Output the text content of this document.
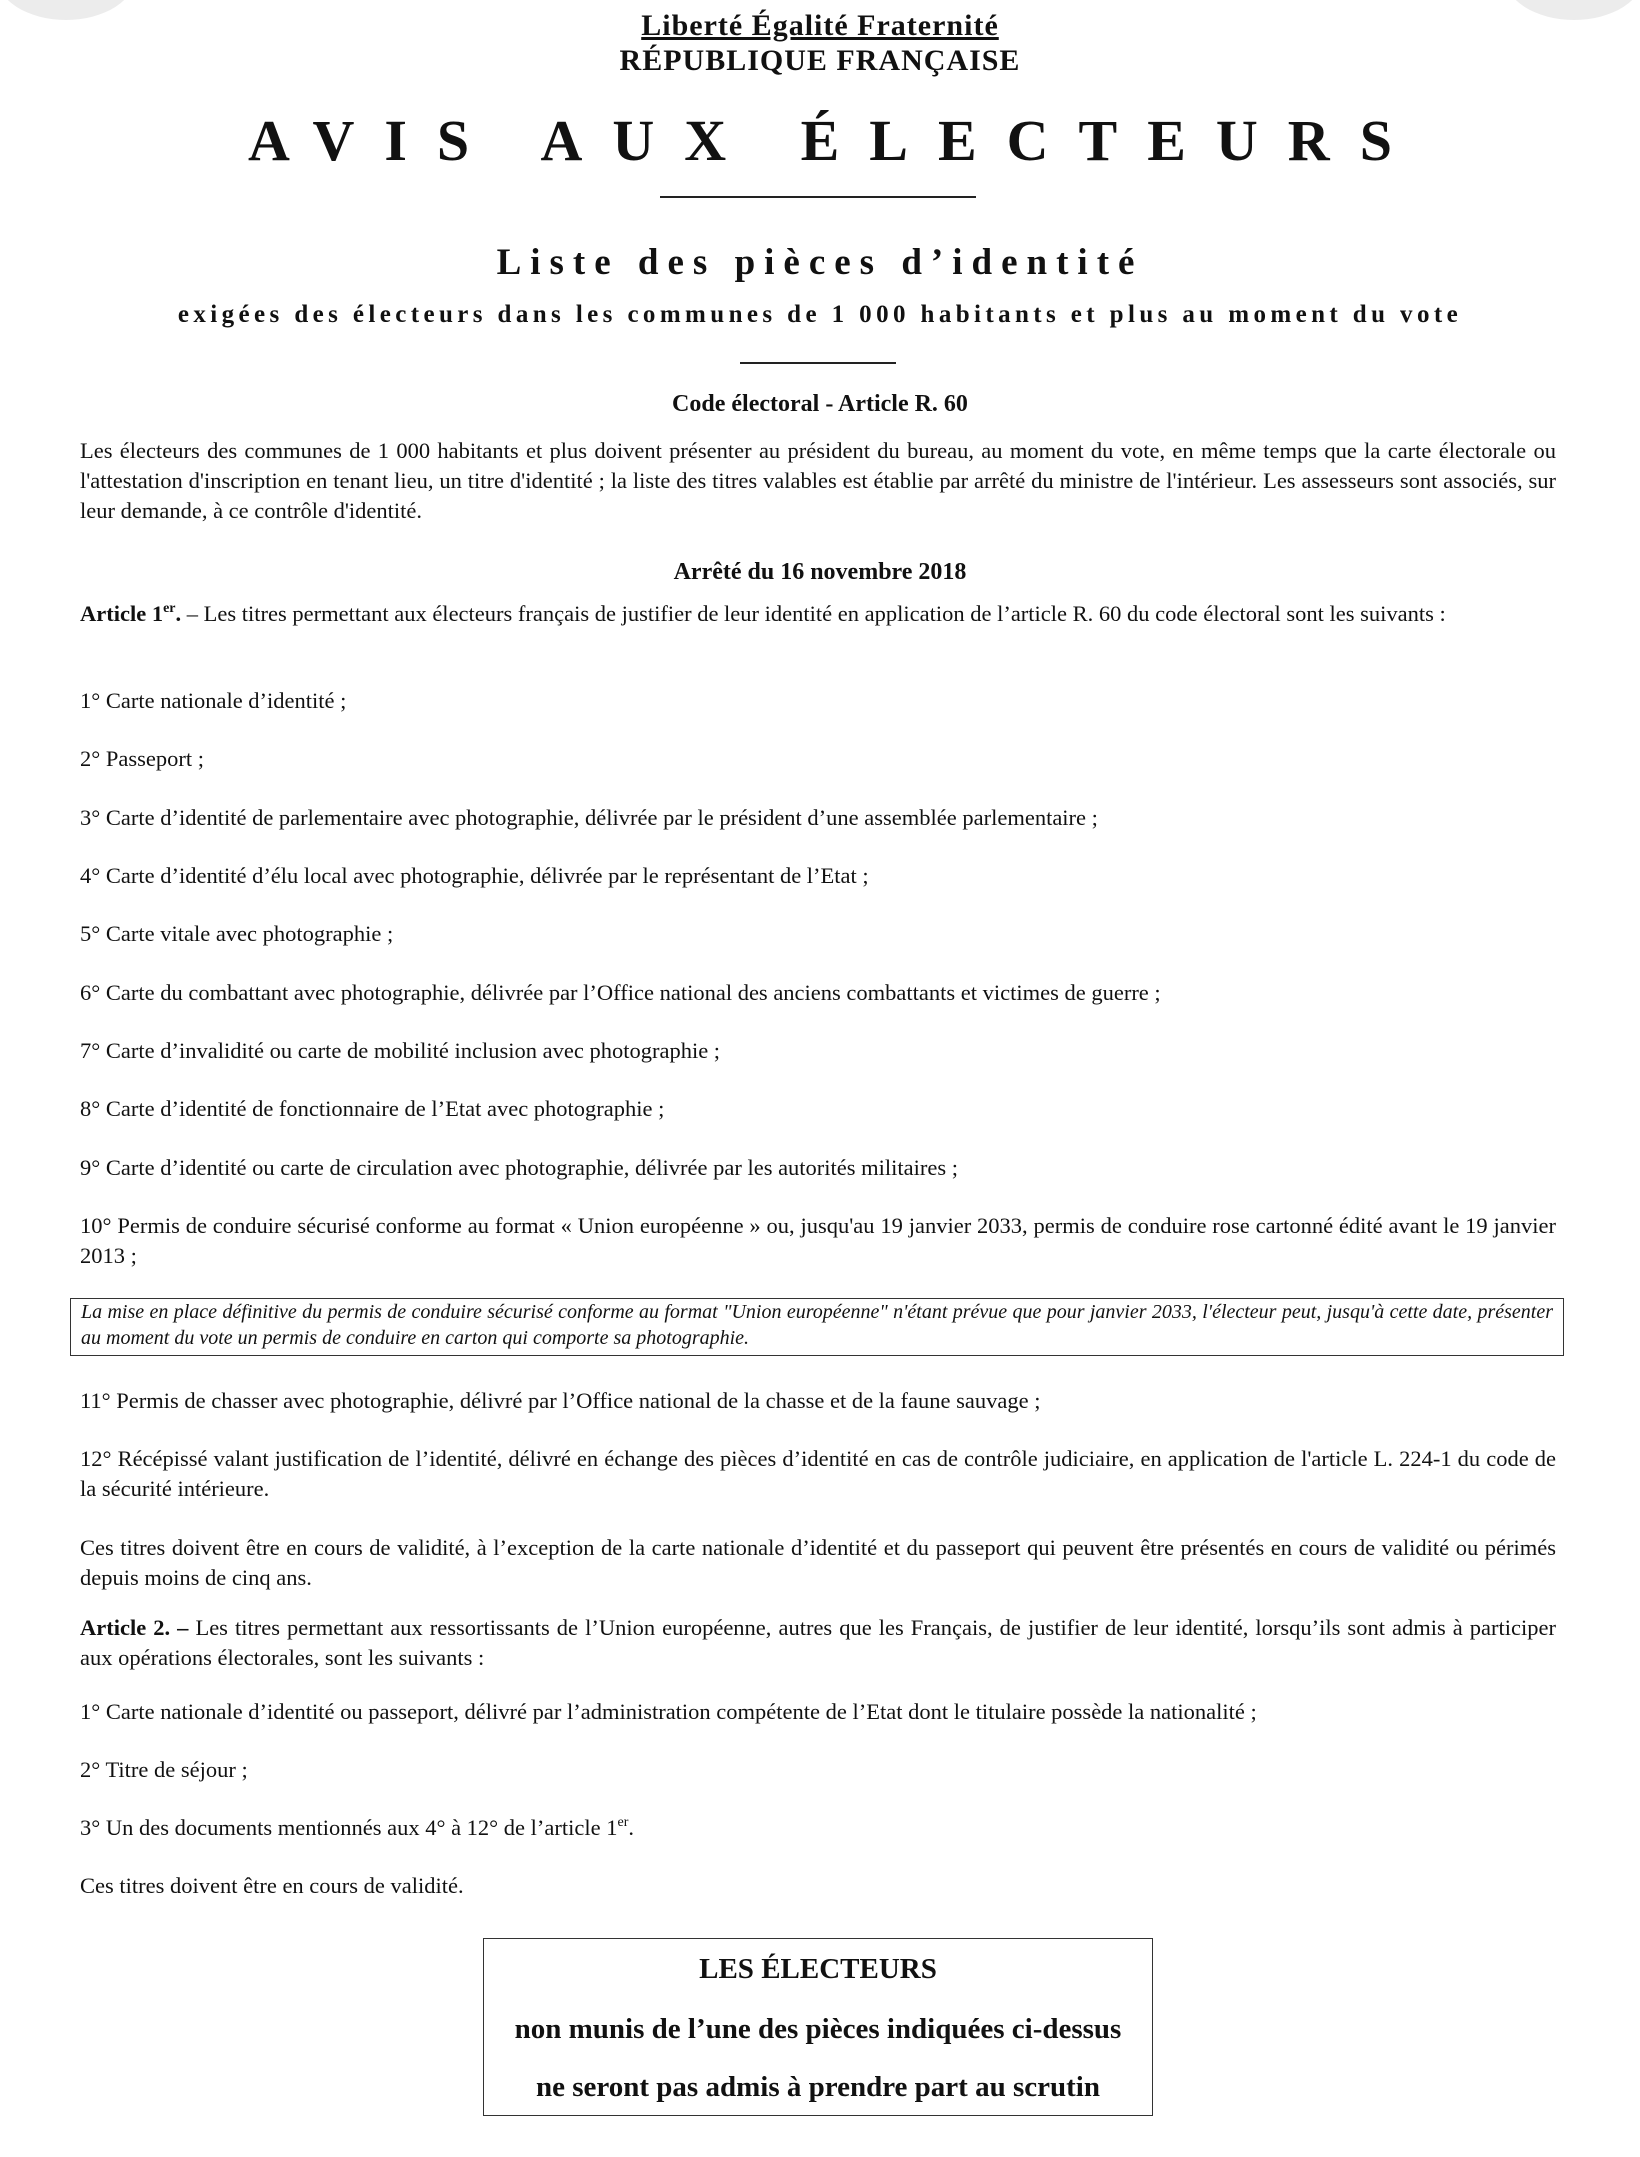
Liberté Égalité Fraternité
RÉPUBLIQUE FRANÇAISE
AVIS AUX ÉLECTEURS
Liste des pièces d’identité
exigées des électeurs dans les communes de 1 000 habitants et plus au moment du vote
Code électoral - Article R. 60
Les électeurs des communes de 1 000 habitants et plus doivent présenter au président du bureau, au moment du vote, en même temps que la carte électorale ou l'attestation d'inscription en tenant lieu, un titre d'identité ; la liste des titres valables est établie par arrêté du ministre de l'intérieur. Les assesseurs sont associés, sur leur demande, à ce contrôle d'identité.
Arrêté du 16 novembre 2018
Article 1er. – Les titres permettant aux électeurs français de justifier de leur identité en application de l’article R. 60 du code électoral sont les suivants :
1° Carte nationale d’identité ;
2° Passeport ;
3° Carte d’identité de parlementaire avec photographie, délivrée par le président d’une assemblée parlementaire ;
4° Carte d’identité d’élu local avec photographie, délivrée par le représentant de l’Etat ;
5° Carte vitale avec photographie ;
6° Carte du combattant avec photographie, délivrée par l’Office national des anciens combattants et victimes de guerre ;
7° Carte d’invalidité ou carte de mobilité inclusion avec photographie ;
8° Carte d’identité de fonctionnaire de l’Etat avec photographie ;
9° Carte d’identité ou carte de circulation avec photographie, délivrée par les autorités militaires ;
10° Permis de conduire sécurisé conforme au format « Union européenne » ou, jusqu'au 19 janvier 2033, permis de conduire rose cartonné édité avant le 19 janvier 2013 ;
La mise en place définitive du permis de conduire sécurisé conforme au format "Union européenne" n'étant prévue que pour janvier 2033, l'électeur peut, jusqu'à cette date, présenter au moment du vote un permis de conduire en carton qui comporte sa photographie.
11° Permis de chasser avec photographie, délivré par l’Office national de la chasse et de la faune sauvage ;
12° Récépissé valant justification de l’identité, délivré en échange des pièces d’identité en cas de contrôle judiciaire, en application de l'article L. 224-1 du code de la sécurité intérieure.
Ces titres doivent être en cours de validité, à l’exception de la carte nationale d’identité et du passeport qui peuvent être présentés en cours de validité ou périmés depuis moins de cinq ans.
Article 2. – Les titres permettant aux ressortissants de l’Union européenne, autres que les Français, de justifier de leur identité, lorsqu’ils sont admis à participer aux opérations électorales, sont les suivants :
1° Carte nationale d’identité ou passeport, délivré par l’administration compétente de l’Etat dont le titulaire possède la nationalité ;
2° Titre de séjour ;
3° Un des documents mentionnés aux 4° à 12° de l’article 1er.
Ces titres doivent être en cours de validité.
LES ÉLECTEURS
non munis de l’une des pièces indiquées ci-dessus
ne seront pas admis à prendre part au scrutin
